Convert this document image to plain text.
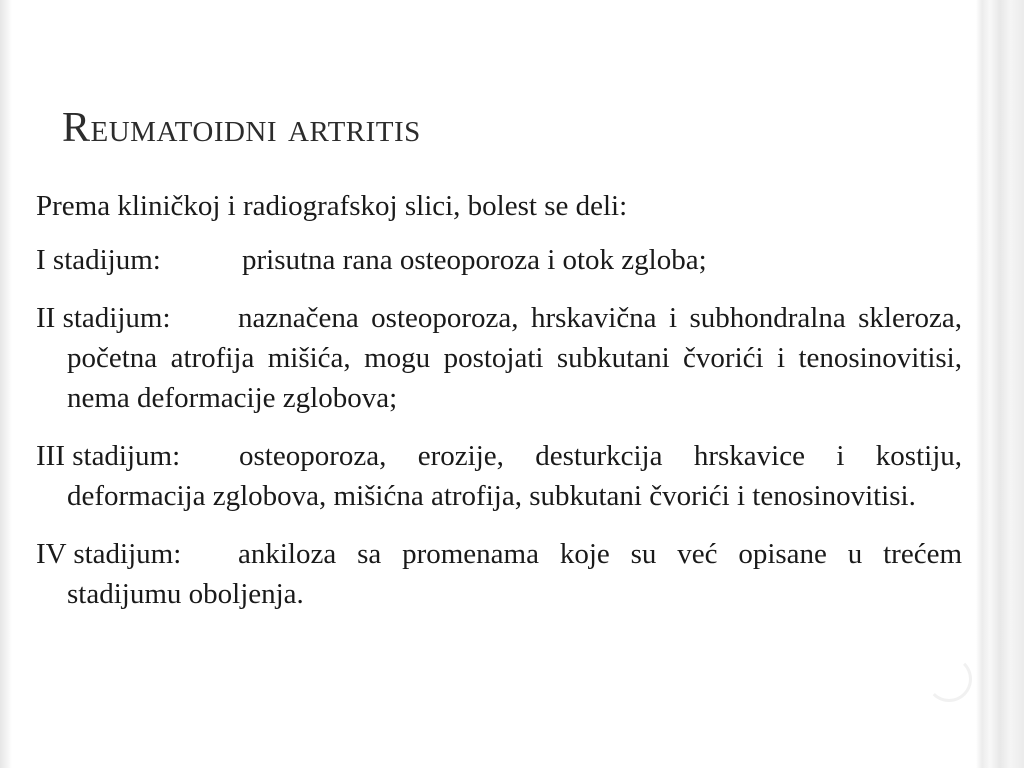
Reumatoidni artritis

Prema kliničkoj i radiografskoj slici, bolest se deli:

I stadijum:	prisutna rana osteoporoza i otok zgloba;

II stadijum: naznačena osteoporoza, hrskavična i subhondralna skleroza, početna atrofija mišića, mogu postojati subkutani čvorići i tenosinovitisi, nema deformacije zglobova;

III stadijum: osteoporoza, erozije, desturkcija hrskavice i kostiju, deformacija zglobova, mišićna atrofija, subkutani čvorići i tenosinovitisi.

IV stadijum: ankiloza sa promenama koje su već opisane u trećem stadijumu oboljenja.
